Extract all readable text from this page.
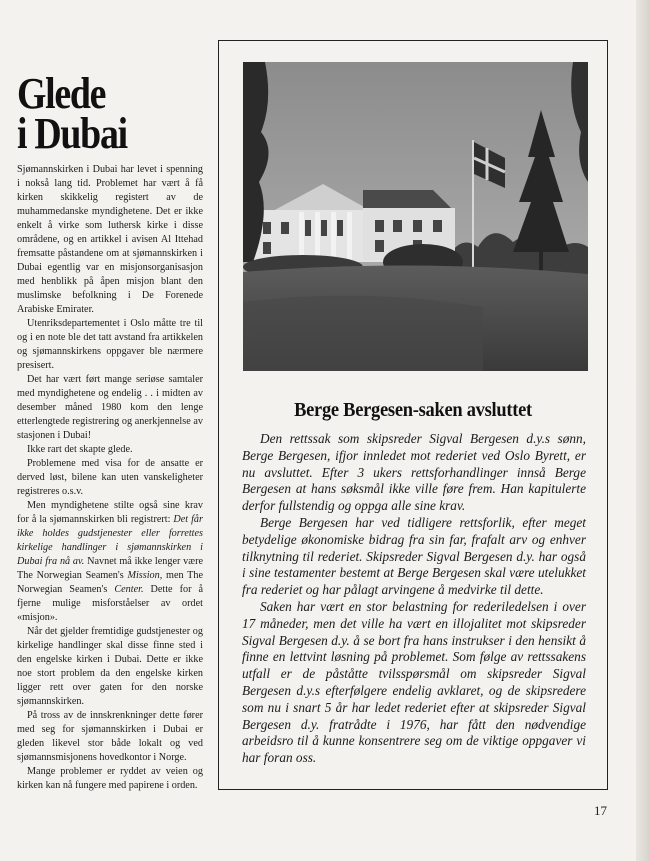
Glede
i Dubai

Sjømannskirken i Dubai har levet i spenning i nokså lang tid. Problemet har vært å få kirken skikkelig registert av de muhammedanske myndighetene. Det er ikke enkelt å virke som luthersk kirke i disse områdene, og en artikkel i avisen Al Ittehad fremsatte påstandene om at sjømannskirken i Dubai egentlig var en misjonsorganisasjon med henblikk på åpen misjon blant den muslimske befolkning i De Forenede Arabiske Emirater.

Utenriksdepartementet i Oslo måtte tre til og i en note ble det tatt avstand fra artikkelen og sjømannskirkens oppgaver ble nærmere presisert.

Det har vært ført mange seriøse samtaler med myndighetene og endelig . . i midten av desember måned 1980 kom den lenge etterlengtede registrering og anerkjennelse av stasjonen i Dubai!

Ikke rart det skapte glede.

Problemene med visa for de ansatte er derved løst, bilene kan uten vanskeligheter registreres o.s.v.

Men myndighetene stilte også sine krav for å la sjømannskirken bli registrert: Det får ikke holdes gudstjenester eller forrettes kirkelige handlinger i sjømannskirken i Dubai fra nå av. Navnet må ikke lenger være The Norwegian Seamen's Mission, men The Norwegian Seamen's Center. Dette for å fjerne mulige misforståelser av ordet «misjon».

Når det gjelder fremtidige gudstjenester og kirkelige handlinger skal disse finne sted i den engelske kirken i Dubai. Dette er ikke noe stort problem da den engelske kirken ligger rett over gaten for den norske sjømannskirken.

På tross av de innskrenkninger dette fører med seg for sjømannskirken i Dubai er gleden likevel stor både lokalt og ved sjømannsmisjonens hovedkontor i Norge.

Mange problemer er ryddet av veien og kirken kan nå fungere med papirene i orden.

Berge Bergesen-saken avsluttet

Den rettssak som skipsreder Sigval Bergesen d.y.s sønn, Berge Bergesen, ifjor innledet mot rederiet ved Oslo Byrett, er nu avsluttet. Efter 3 ukers rettsforhandlinger innså Berge Bergesen at hans søksmål ikke ville føre frem. Han kapitulerte derfor fullstendig og oppga alle sine krav.

Berge Bergesen har ved tidligere rettsforlik, efter meget betydelige økonomiske bidrag fra sin far, frafalt arv og enhver tilknytning til rederiet. Skipsreder Sigval Bergesen d.y. har også i sine testamenter bestemt at Berge Bergesen skal være utelukket fra rederiet og har pålagt arvingene å medvirke til dette.

Saken har vært en stor belastning for rederiledelsen i over 17 måneder, men det ville ha vært en illojalitet mot skipsreder Sigval Bergesen d.y. å se bort fra hans instrukser i den hensikt å finne en lettvint løsning på problemet. Som følge av rettssakens utfall er de påståtte tvilsspørsmål om skipsreder Sigval Bergesen d.y.s efterfølgere endelig avklaret, og de skipsredere som nu i snart 5 år har ledet rederiet efter at skipsreder Sigval Bergesen d.y. fratrådte i 1976, har fått den nødvendige arbeidsro til å kunne konsentrere seg om de viktige oppgaver vi har foran oss.

17
